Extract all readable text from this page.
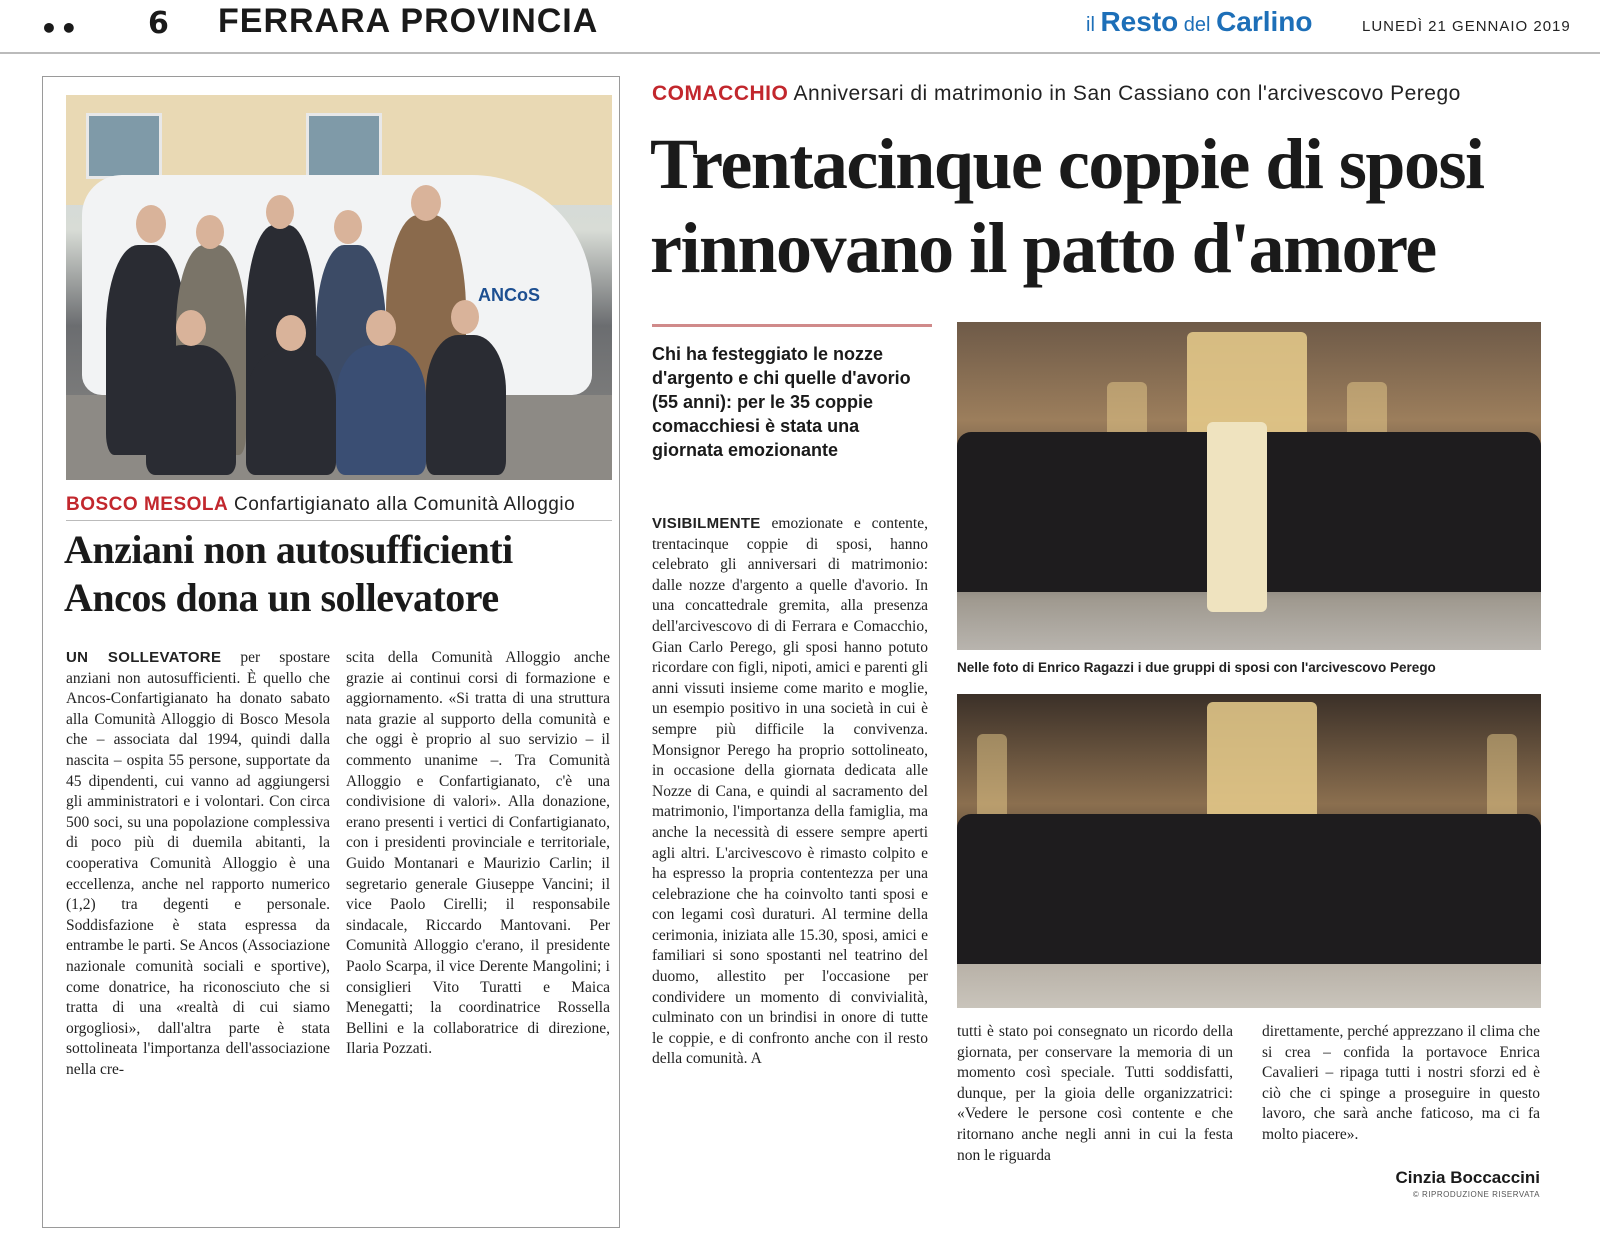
•• 6 FERRARA PROVINCIA	il Resto del Carlino	LUNEDÌ 21 GENNAIO 2019
ANCoS
BOSCO MESOLA Confartigianato alla Comunità Alloggio
Anziani non autosufficienti
Ancos dona un sollevatore
UN SOLLEVATORE per spostare anziani non autosufficienti. È quello che Ancos-Confartigianato ha donato sabato alla Comunità Alloggio di Bosco Mesola che – associata dal 1994, quindi dalla nascita – ospita 55 persone, supportate da 45 dipendenti, cui vanno ad aggiungersi gli amministratori e i volontari. Con circa 500 soci, su una popolazione complessiva di poco più di duemila abitanti, la cooperativa Comunità Alloggio è una eccellenza, anche nel rapporto numerico (1,2) tra degenti e personale. Soddisfazione è stata espressa da entrambe le parti. Se Ancos (Associazione nazionale comunità sociali e sportive), come donatrice, ha riconosciuto che si tratta di una «realtà di cui siamo orgogliosi», dall'altra parte è stata sottolineata l'importanza dell'associazione nella cre-
scita della Comunità Alloggio anche grazie ai continui corsi di formazione e aggiornamento. «Si tratta di una struttura nata grazie al supporto della comunità e che oggi è proprio al suo servizio – il commento unanime –. Tra Comunità Alloggio e Confartigianato, c'è una condivisione di valori». Alla donazione, erano presenti i vertici di Confartigianato, con i presidenti provinciale e territoriale, Guido Montanari e Maurizio Carlin; il segretario generale Giuseppe Vancini; il vice Paolo Cirelli; il responsabile sindacale, Riccardo Mantovani. Per Comunità Alloggio c'erano, il presidente Paolo Scarpa, il vice Derente Mangolini; i consiglieri Vito Turatti e Maica Menegatti; la coordinatrice Rossella Bellini e la collaboratrice di direzione, Ilaria Pozzati.
COMACCHIO Anniversari di matrimonio in San Cassiano con l'arcivescovo Perego
Trentacinque coppie di sposi
rinnovano il patto d'amore
Chi ha festeggiato le nozze d'argento e chi quelle d'avorio (55 anni): per le 35 coppie comacchiesi è stata una giornata emozionante
VISIBILMENTE emozionate e contente, trentacinque coppie di sposi, hanno celebrato gli anniversari di matrimonio: dalle nozze d'argento a quelle d'avorio. In una concattedrale gremita, alla presenza dell'arcivescovo di di Ferrara e Comacchio, Gian Carlo Perego, gli sposi hanno potuto ricordare con figli, nipoti, amici e parenti gli anni vissuti insieme come marito e moglie, un esempio positivo in una società in cui è sempre più difficile la convivenza. Monsignor Perego ha proprio sottolineato, in occasione della giornata dedicata alle Nozze di Cana, e quindi al sacramento del matrimonio, l'importanza della famiglia, ma anche la necessità di essere sempre aperti agli altri. L'arcivescovo è rimasto colpito e ha espresso la propria contentezza per una celebrazione che ha coinvolto tanti sposi e con legami così duraturi. Al termine della cerimonia, iniziata alle 15.30, sposi, amici e familiari si sono spostanti nel teatrino del duomo, allestito per l'occasione per condividere un momento di convivialità, culminato con un brindisi in onore di tutte le coppie, e di confronto anche con il resto della comunità. A
Nelle foto di Enrico Ragazzi i due gruppi di sposi con l'arcivescovo Perego
tutti è stato poi consegnato un ricordo della giornata, per conservare la memoria di un momento così speciale. Tutti soddisfatti, dunque, per la gioia delle organizzatrici: «Vedere le persone così contente e che ritornano anche negli anni in cui la festa non le riguarda
direttamente, perché apprezzano il clima che si crea – confida la portavoce Enrica Cavalieri – ripaga tutti i nostri sforzi ed è ciò che ci spinge a proseguire in questo lavoro, che sarà anche faticoso, ma ci fa molto piacere».
Cinzia Boccaccini
© RIPRODUZIONE RISERVATA
